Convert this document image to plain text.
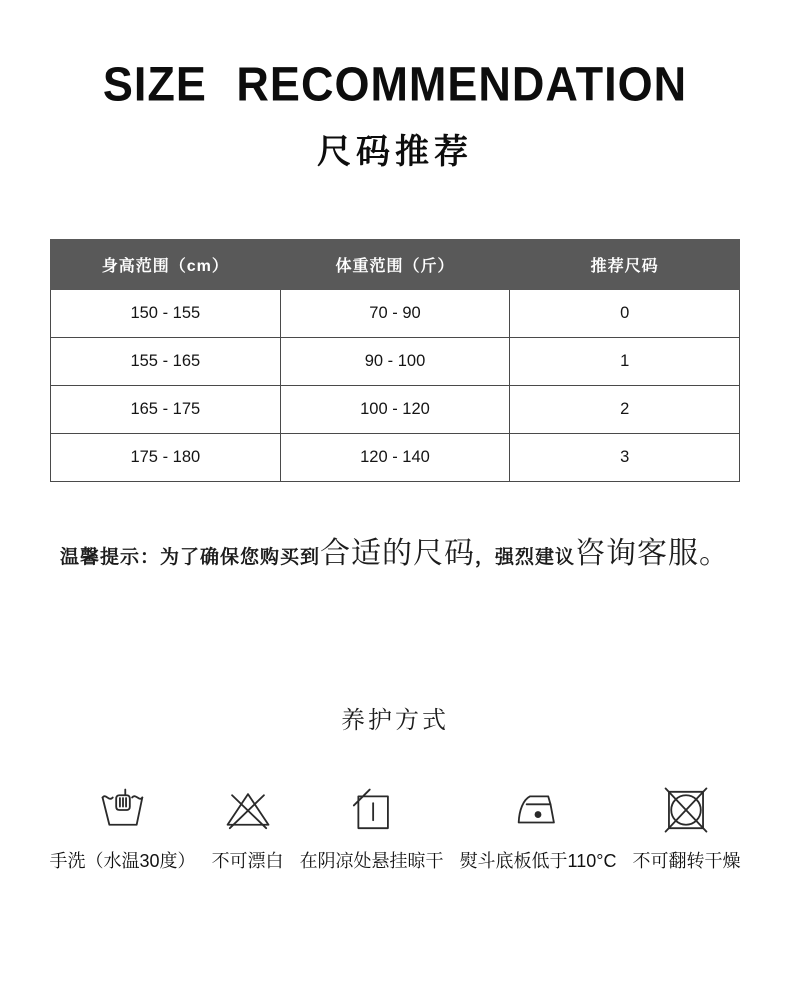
SIZE RECOMMENDATION
尺码推荐
身高范围（cm）	体重范围（斤）	推荐尺码
150 - 155	70 - 90	0
155 - 165	90 - 100	1
165 - 175	100 - 120	2
175 - 180	120 - 140	3

温馨提示：为了确保您购买到合适的尺码，强烈建议咨询客服。

养护方式
手洗（水温30度） 不可漂白 在阴凉处悬挂晾干 熨斗底板低于110°C 不可翻转干燥
